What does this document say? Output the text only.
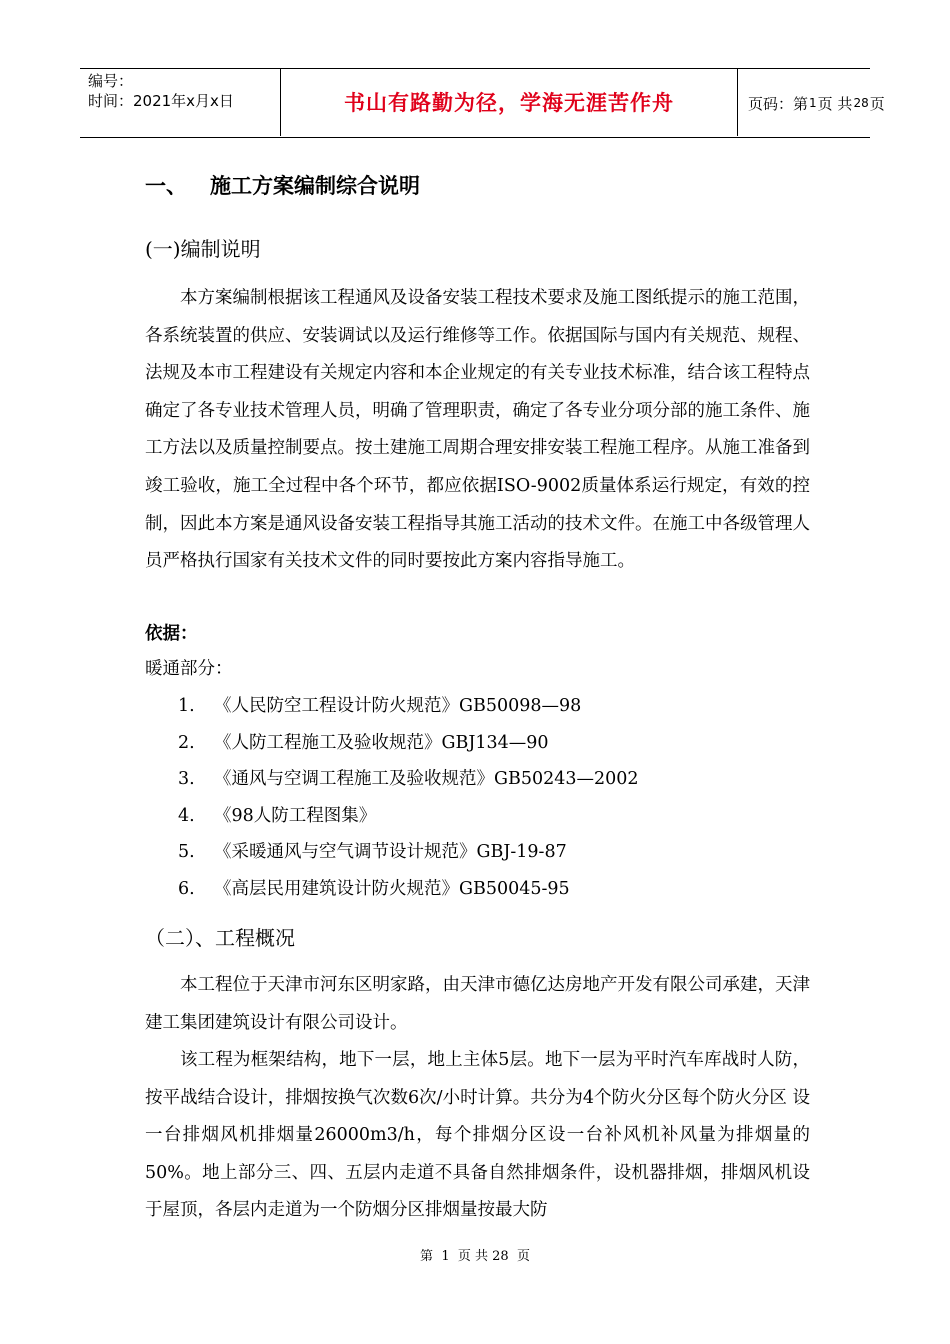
编号：
时间：2021年x月x日	书山有路勤为径，学海无涯苦作舟	页码：第 1 页 共 28 页
一、 施工方案编制综合说明
(一)编制说明

本方案编制根据该工程通风及设备安装工程技术要求及施工图纸提示的施工范围，各系统装置的供应、安装调试以及运行维修等工作。依据国际与国内有关规范、规程、法规及本市工程建设有关规定内容和本企业规定的有关专业技术标准，结合该工程特点确定了各专业技术管理人员，明确了管理职责，确定了各专业分项分部的施工条件、施工方法以及质量控制要点。按土建施工周期合理安排安装工程施工程序。从施工准备到竣工验收，施工全过程中各个环节，都应依据ISO-9002质量体系运行规定，有效的控制，因此本方案是通风设备安装工程指导其施工活动的技术文件。在施工中各级管理人员严格执行国家有关技术文件的同时要按此方案内容指导施工。

依据：
暖通部分：
1. 《人民防空工程设计防火规范》GB50098—98
2. 《人防工程施工及验收规范》GBJ134—90
3. 《通风与空调工程施工及验收规范》GB50243—2002
4. 《98人防工程图集》
5. 《采暖通风与空气调节设计规范》GBJ-19-87
6. 《高层民用建筑设计防火规范》GB50045-95
（二）、工程概况

本工程位于天津市河东区明家路，由天津市德亿达房地产开发有限公司承建，天津建工集团建筑设计有限公司设计。

该工程为框架结构，地下一层，地上主体5层。地下一层为平时汽车库战时人防，按平战结合设计，排烟按换气次数6次/小时计算。共分为4个防火分区每个防火分区 设一台排烟风机排烟量26000m3/h，每个排烟分区设一台补风机补风量为排烟量的50%。地上部分三、四、五层内走道不具备自然排烟条件，设机器排烟，排烟风机设于屋顶，各层内走道为一个防烟分区排烟量按最大防

第 1 页 共 28 页
